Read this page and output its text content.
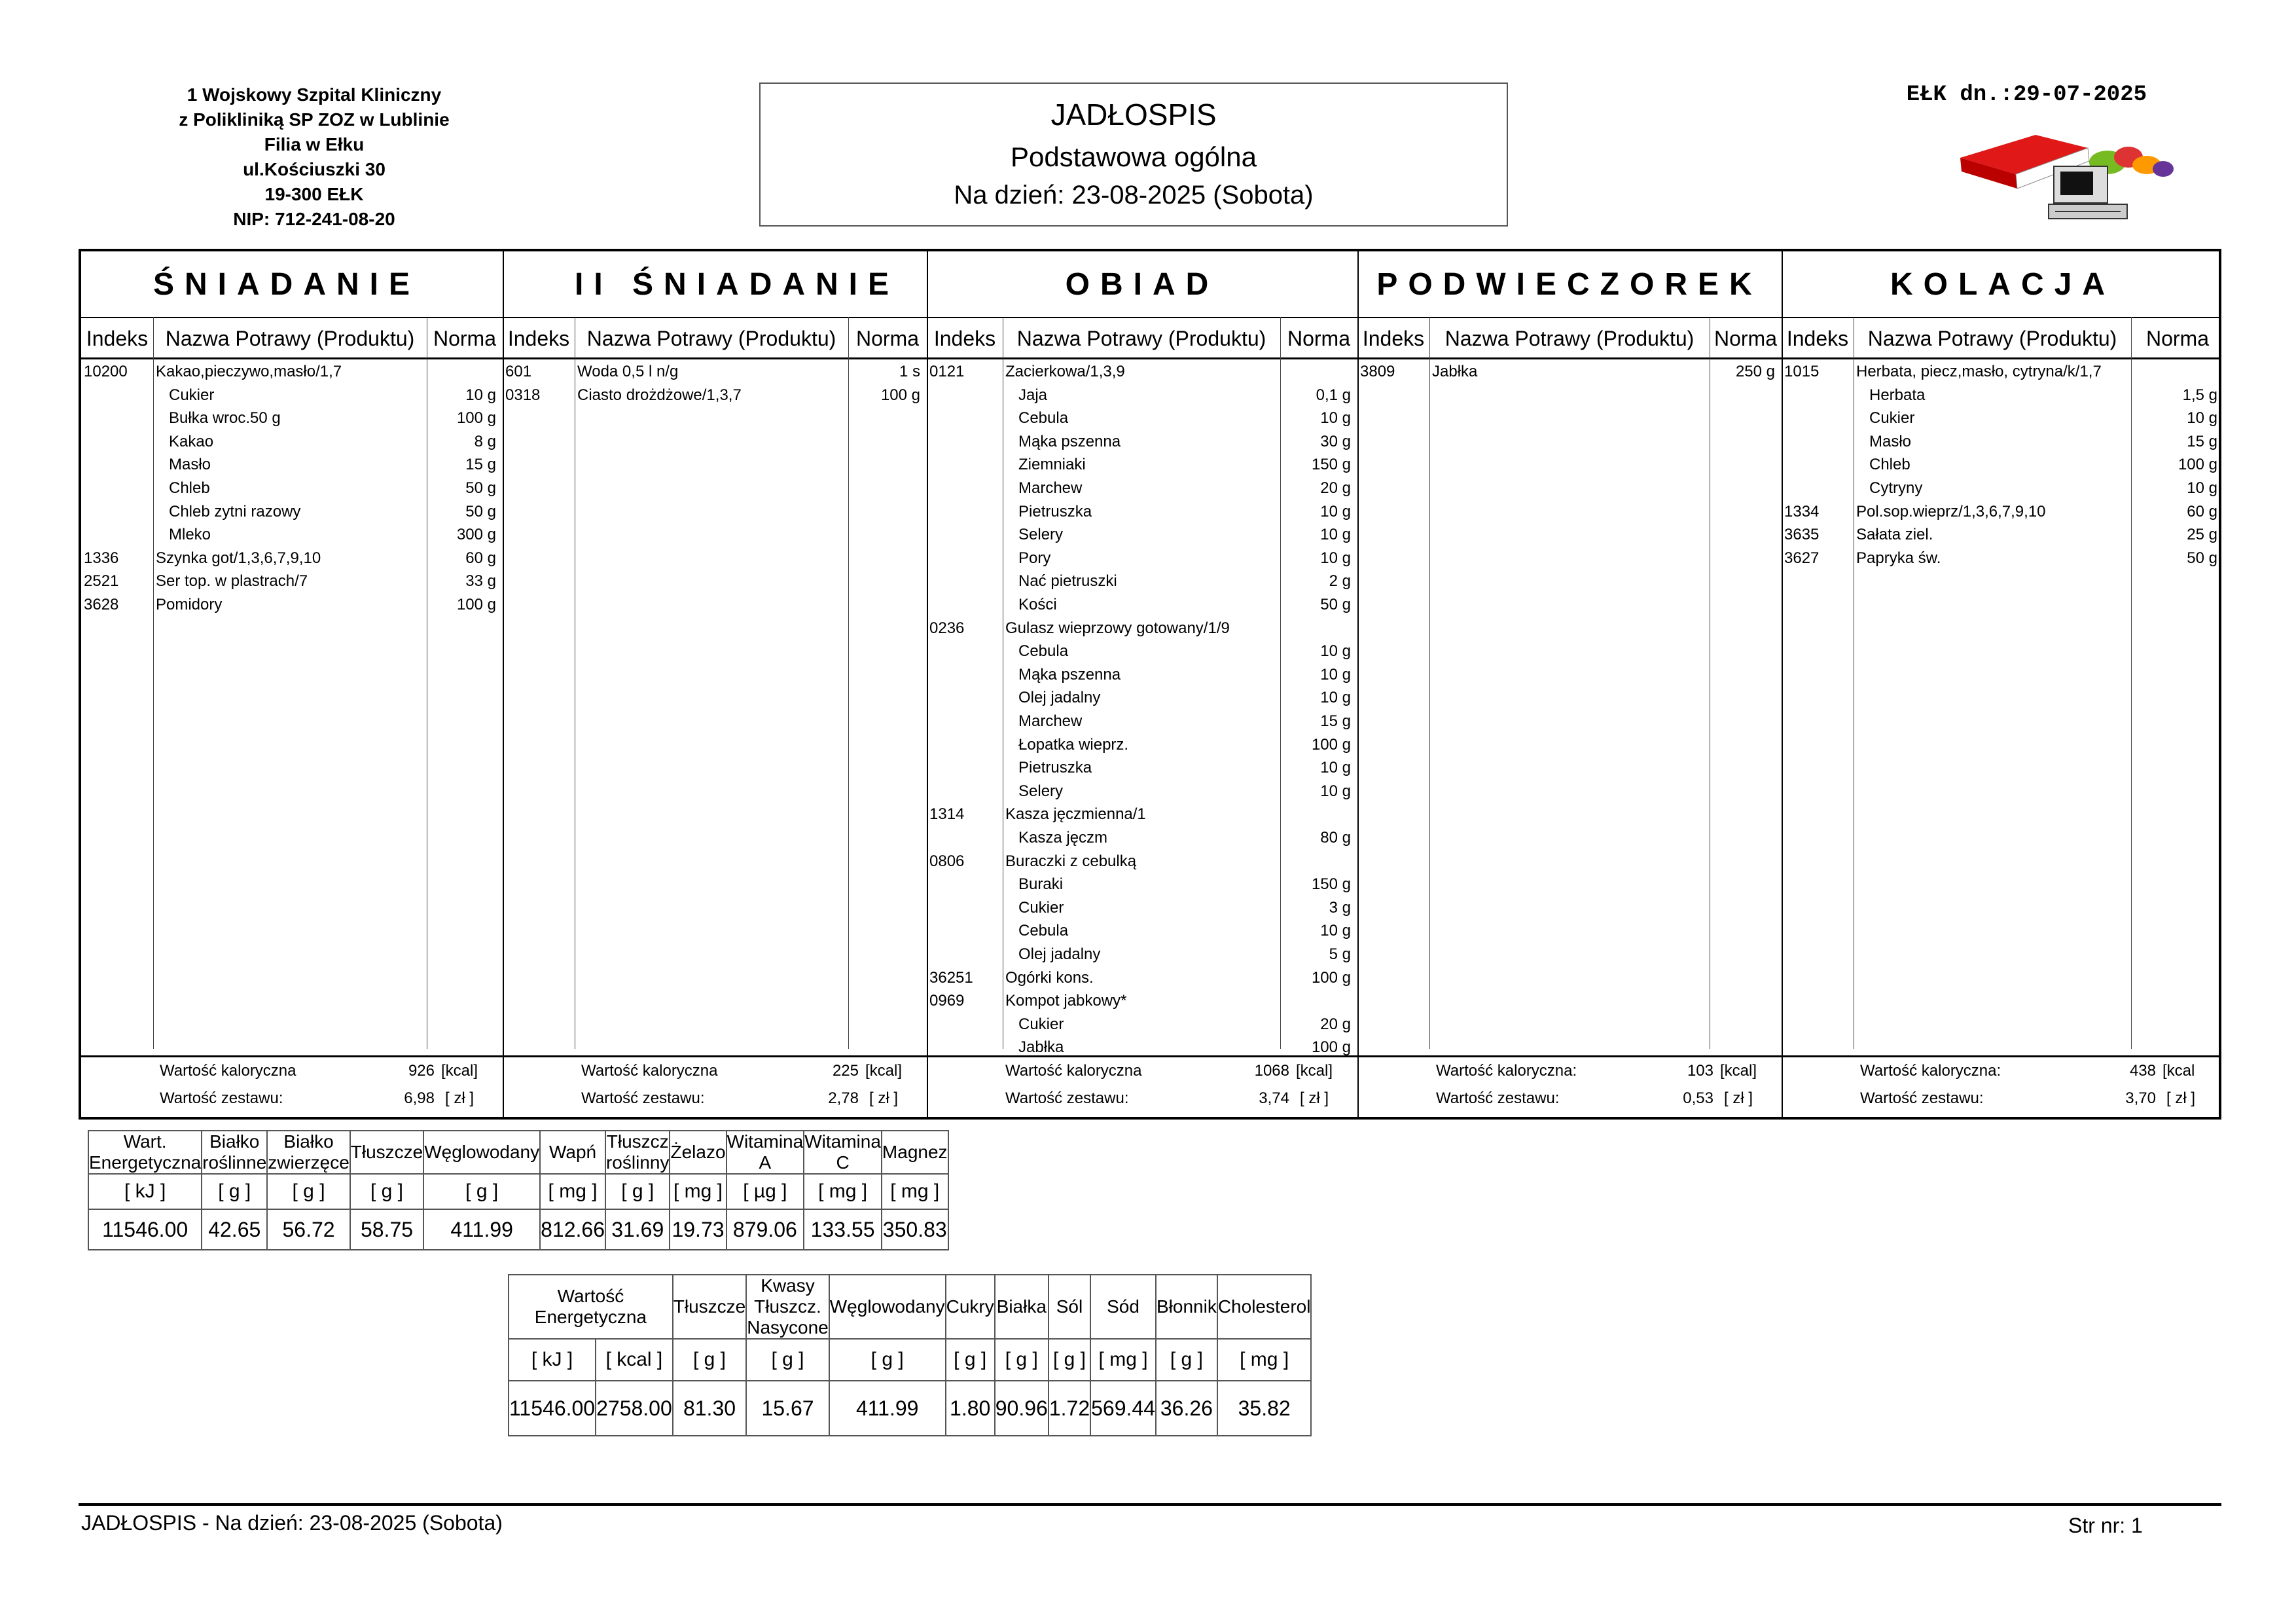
1 Wojskowy Szpital Kliniczny
z Polikliniką SP ZOZ w Lublinie
Filia w Ełku
ul.Kościuszki 30
19-300 EŁK
NIP: 712-241-08-20
JADŁOSPIS
Podstawowa ogólna
Na dzień: 23-08-2025 (Sobota)
EŁK dn.:29-07-2025
ŚNIADANIE
Indeks Nazwa Potrawy (Produktu) Norma
10200 Kakao,pieczywo,masło/1,7
Cukier	10 g
Bułka wroc.50 g	100 g
Kakao	8 g
Masło	15 g
Chleb	50 g
Chleb zytni razowy	50 g
Mleko	300 g
1336 Szynka got/1,3,6,7,9,10	60 g
2521 Ser top. w plastrach/7	33 g
3628 Pomidory	100 g
Wartość kaloryczna	926 [kcal]
Wartość zestawu:	6,98 [ zł ]
II ŚNIADANIE
Indeks Nazwa Potrawy (Produktu) Norma
601	Woda 0,5 l n/g	1 s
0318 Ciasto drożdżowe/1,3,7	100 g
Wartość kaloryczna	225 [kcal]
Wartość zestawu:	2,78 [ zł ]
OBIAD
Indeks	Nazwa Potrawy (Produktu)	Norma
0121	Zacierkowa/1,3,9
Jaja	0,1 g
Cebula	10 g
Mąka pszenna	30 g
Ziemniaki	150 g
Marchew	20 g
Pietruszka	10 g
Selery	10 g
Pory	10 g
Nać pietruszki	2 g
Kości	50 g
0236	Gulasz wieprzowy gotowany/1/9
Cebula	10 g
Mąka pszenna	10 g
Olej jadalny	10 g
Marchew	15 g
Łopatka wieprz.	100 g
Pietruszka	10 g
Selery	10 g
1314	Kasza jęczmienna/1
Kasza jęczm	80 g
0806	Buraczki z cebulką
Buraki	150 g
Cukier	3 g
Cebula	10 g
Olej jadalny	5 g
36251 Ogórki kons.	100 g
0969	Kompot jabkowy*
Cukier	20 g
Jabłka	100 g
Wartość kaloryczna	1068 [kcal]
Wartość zestawu:	3,74 [ zł ]
PODWIECZOREK
Indeks Nazwa Potrawy (Produktu) Norma
3809 Jabłka	250 g
Wartość kaloryczna:	103 [kcal]
Wartość zestawu:	0,53 [ zł ]
KOLACJA
Indeks Nazwa Potrawy (Produktu)	Norma
1015 Herbata, piecz,masło, cytryna/k/1,7
Herbata	1,5 g
Cukier	10 g
Masło	15 g
Chleb	100 g
Cytryny	10 g
1334 Pol.sop.wieprz/1,3,6,7,9,10	60 g
3635 Sałata ziel.	25 g
3627 Papryka św.	50 g
Wartość kaloryczna:	438 [kcal
Wartość zestawu:	3,70 [ zł ]
Wart. Energetyczna	Białko roślinne	Białko zwierzęce	Tłuszcze	Węglowodany	Wapń	Tłuszcz roślinny	Żelazo	Witamina A	Witamina C	Magnez
[ kJ ]	[ g ]	[ g ]	[ g ]	[ g ]	[ mg ]	[ g ]	[ mg ]	[ µg ]	[ mg ]	[ mg ]
11546.00	42.65	56.72	58.75	411.99	812.66	31.69	19.73	879.06	133.55	350.83
Wartość Energetyczna		Tłuszcze	Kwasy Tłuszcz. Nasycone	Węglowodany	Cukry	Białka	Sól	Sód	Błonnik	Cholesterol
[ kJ ]	[ kcal ]	[ g ]	[ g ]	[ g ]	[ g ]	[ g ]	[ g ]	[ mg ]	[ g ]	[ mg ]
11546.00	2758.00	81.30	15.67	411.99	1.80	90.96	1.72	569.44	36.26	35.82
JADŁOSPIS - Na dzień: 23-08-2025 (Sobota)	Str nr: 1
